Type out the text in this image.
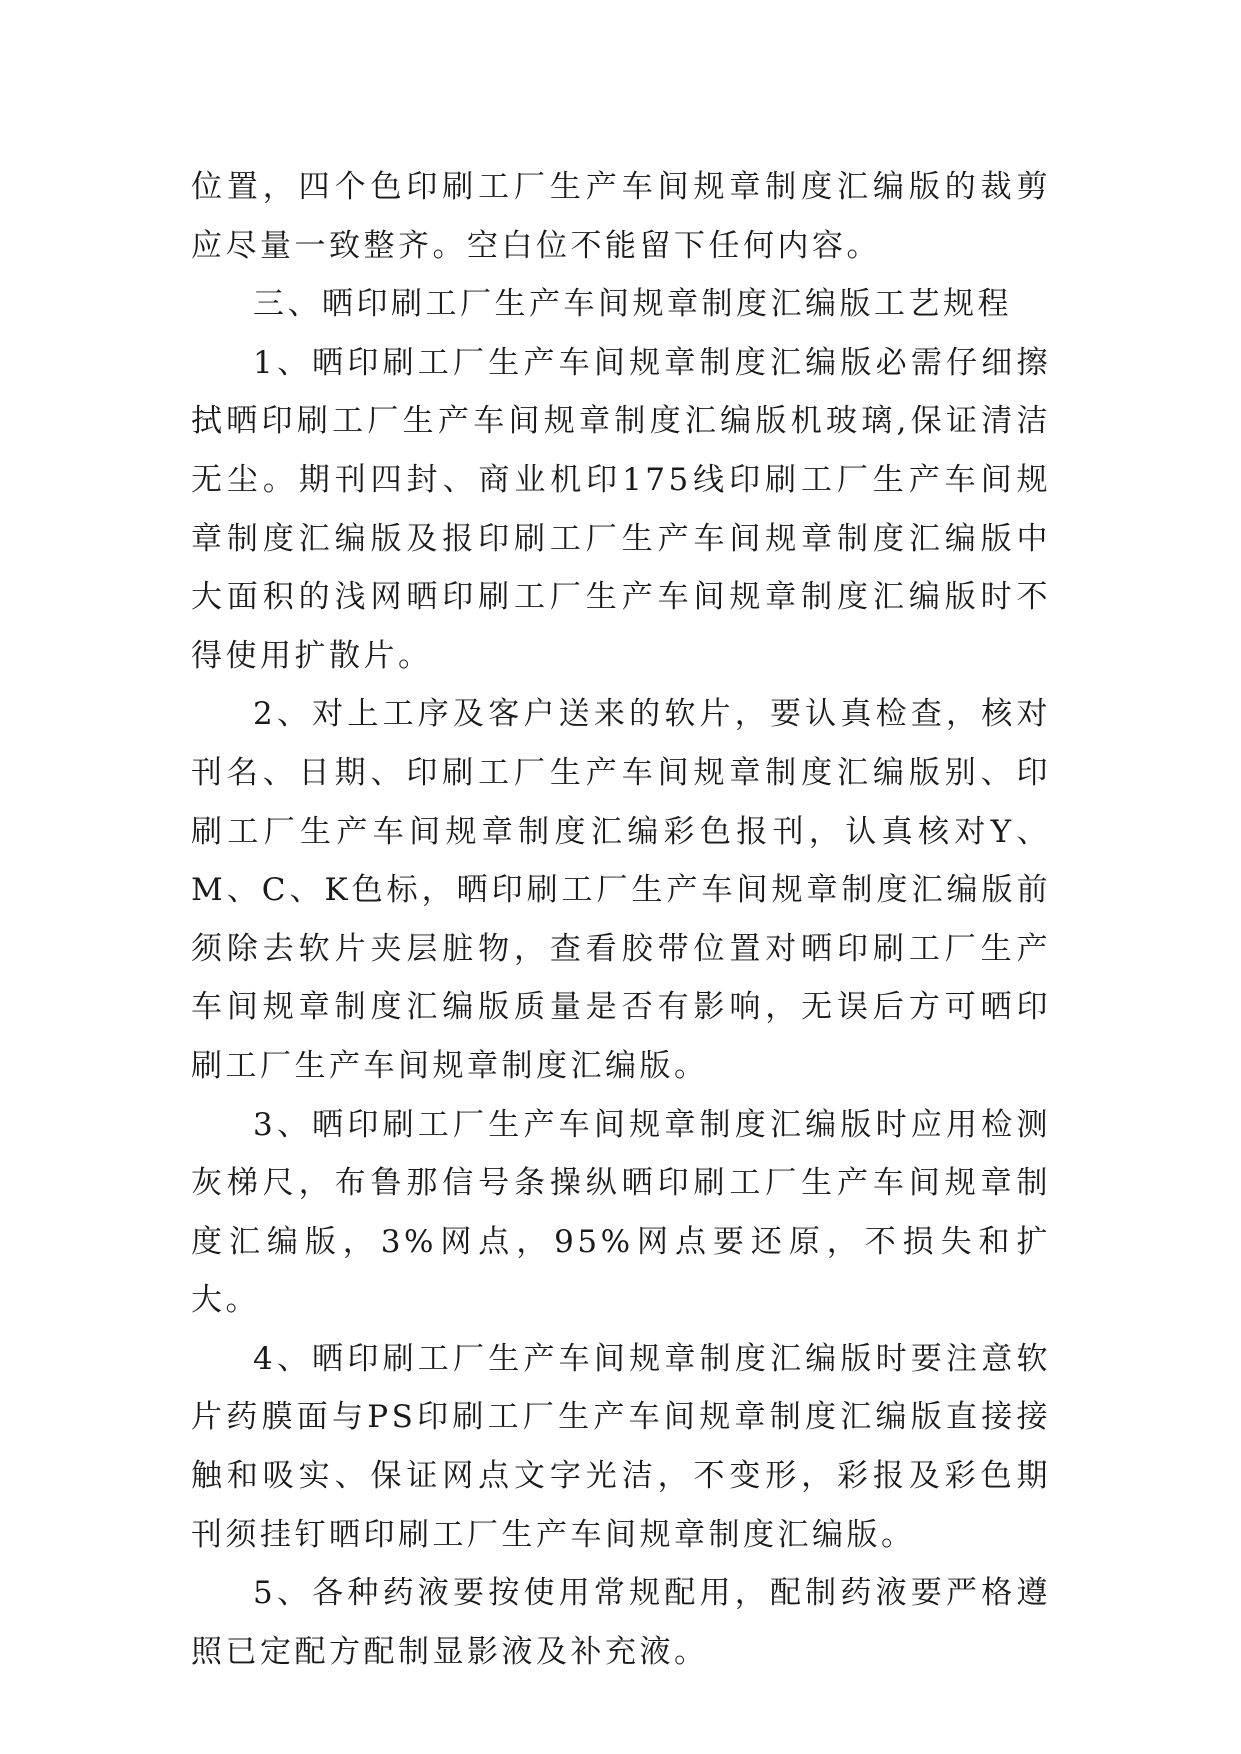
位置，四个色印刷工厂生产车间规章制度汇编版的裁剪应尽量一致整齐。空白位不能留下任何内容。

三、晒印刷工厂生产车间规章制度汇编版工艺规程

1、晒印刷工厂生产车间规章制度汇编版必需仔细擦拭晒印刷工厂生产车间规章制度汇编版机玻璃,保证清洁无尘。期刊四封、商业机印175线印刷工厂生产车间规章制度汇编版及报印刷工厂生产车间规章制度汇编版中大面积的浅网晒印刷工厂生产车间规章制度汇编版时不得使用扩散片。

2、对上工序及客户送来的软片，要认真检查，核对刊名、日期、印刷工厂生产车间规章制度汇编版别、印刷工厂生产车间规章制度汇编彩色报刊，认真核对Y、M、C、K色标，晒印刷工厂生产车间规章制度汇编版前须除去软片夹层脏物，查看胶带位置对晒印刷工厂生产车间规章制度汇编版质量是否有影响，无误后方可晒印刷工厂生产车间规章制度汇编版。

3、晒印刷工厂生产车间规章制度汇编版时应用检测灰梯尺，布鲁那信号条操纵晒印刷工厂生产车间规章制度汇编版，3%网点，95%网点要还原，不损失和扩大。

4、晒印刷工厂生产车间规章制度汇编版时要注意软片药膜面与PS印刷工厂生产车间规章制度汇编版直接接触和吸实、保证网点文字光洁，不变形，彩报及彩色期刊须挂钉晒印刷工厂生产车间规章制度汇编版。

5、各种药液要按使用常规配用，配制药液要严格遵照已定配方配制显影液及补充液。
